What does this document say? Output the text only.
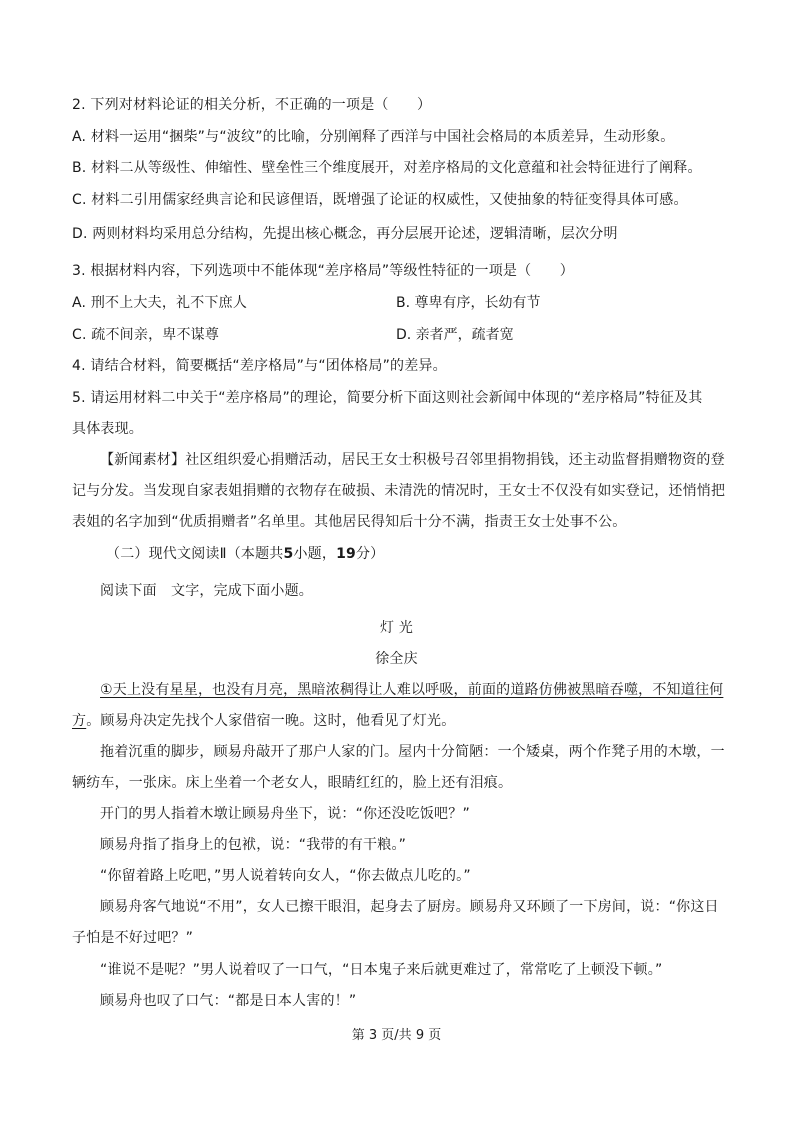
2. 下列对材料论证的相关分析，不正确的一项是（　　）
A. 材料一运用“捆柴”与“波纹”的比喻，分别阐释了西洋与中国社会格局的本质差异，生动形象。
B. 材料二从等级性、伸缩性、壁垒性三个维度展开，对差序格局的文化意蕴和社会特征进行了阐释。
C. 材料二引用儒家经典言论和民谚俚语，既增强了论证的权威性，又使抽象的特征变得具体可感。
D. 两则材料均采用总分结构，先提出核心概念，再分层展开论述，逻辑清晰，层次分明
3. 根据材料内容，下列选项中不能体现“差序格局”等级性特征的一项是（　　）
A. 刑不上大夫，礼不下庶人	B. 尊卑有序，长幼有节
C. 疏不间亲，卑不谋尊	D. 亲者严，疏者宽
4. 请结合材料，简要概括“差序格局”与“团体格局”的差异。
5. 请运用材料二中关于“差序格局”的理论，简要分析下面这则社会新闻中体现的“差序格局”特征及其
具体表现。
【新闻素材】社区组织爱心捐赠活动，居民王女士积极号召邻里捐物捐钱，还主动监督捐赠物资的登
记与分发。当发现自家表姐捐赠的衣物存在破损、未清洗的情况时，王女士不仅没有如实登记，还悄悄把
表姐的名字加到“优质捐赠者”名单里。其他居民得知后十分不满，指责王女士处事不公。
（二）现代文阅读Ⅱ（本题共5小题，19分）
阅读下面　文字，完成下面小题。
灯 光
徐全庆
①天上没有星星，也没有月亮，黑暗浓稠得让人难以呼吸，前面的道路仿佛被黑暗吞噬，不知道往何
方。顾易舟决定先找个人家借宿一晚。这时，他看见了灯光。
拖着沉重的脚步，顾易舟敲开了那户人家的门。屋内十分简陋：一个矮桌，两个作凳子用的木墩，一
辆纺车，一张床。床上坐着一个老女人，眼睛红红的，脸上还有泪痕。
开门的男人指着木墩让顾易舟坐下，说：“你还没吃饭吧？”
顾易舟指了指身上的包袱，说：“我带的有干粮。”
“你留着路上吃吧，”男人说着转向女人，“你去做点儿吃的。”
顾易舟客气地说“不用”，女人已擦干眼泪，起身去了厨房。顾易舟又环顾了一下房间，说：“你这日
子怕是不好过吧？”
“谁说不是呢？”男人说着叹了一口气，“日本鬼子来后就更难过了，常常吃了上顿没下顿。”
顾易舟也叹了口气：“都是日本人害的！”
第 3 页/共 9 页
